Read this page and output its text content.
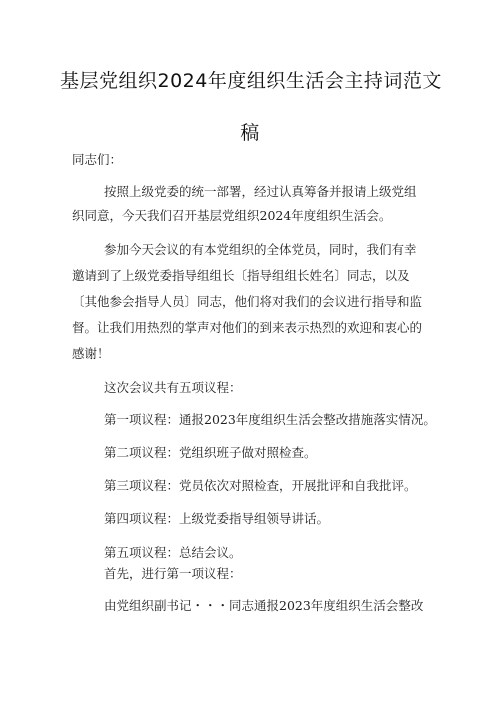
基层党组织2024年度组织生活会主持词范文
稿
同志们：
按照上级党委的统一部署，经过认真筹备并报请上级党组
织同意，今天我们召开基层党组织2024年度组织生活会。
参加今天会议的有本党组织的全体党员，同时，我们有幸
邀请到了上级党委指导组组长〔指导组组长姓名〕同志，以及
〔其他参会指导人员〕同志，他们将对我们的会议进行指导和监
督。让我们用热烈的掌声对他们的到来表示热烈的欢迎和衷心的
感谢！
这次会议共有五项议程：
第一项议程：通报2023年度组织生活会整改措施落实情况。
第二项议程：党组织班子做对照检查。
第三项议程：党员依次对照检查，开展批评和自我批评。
第四项议程：上级党委指导组领导讲话。
第五项议程：总结会议。
首先，进行第一项议程：
由党组织副书记・・・同志通报2023年度组织生活会整改
